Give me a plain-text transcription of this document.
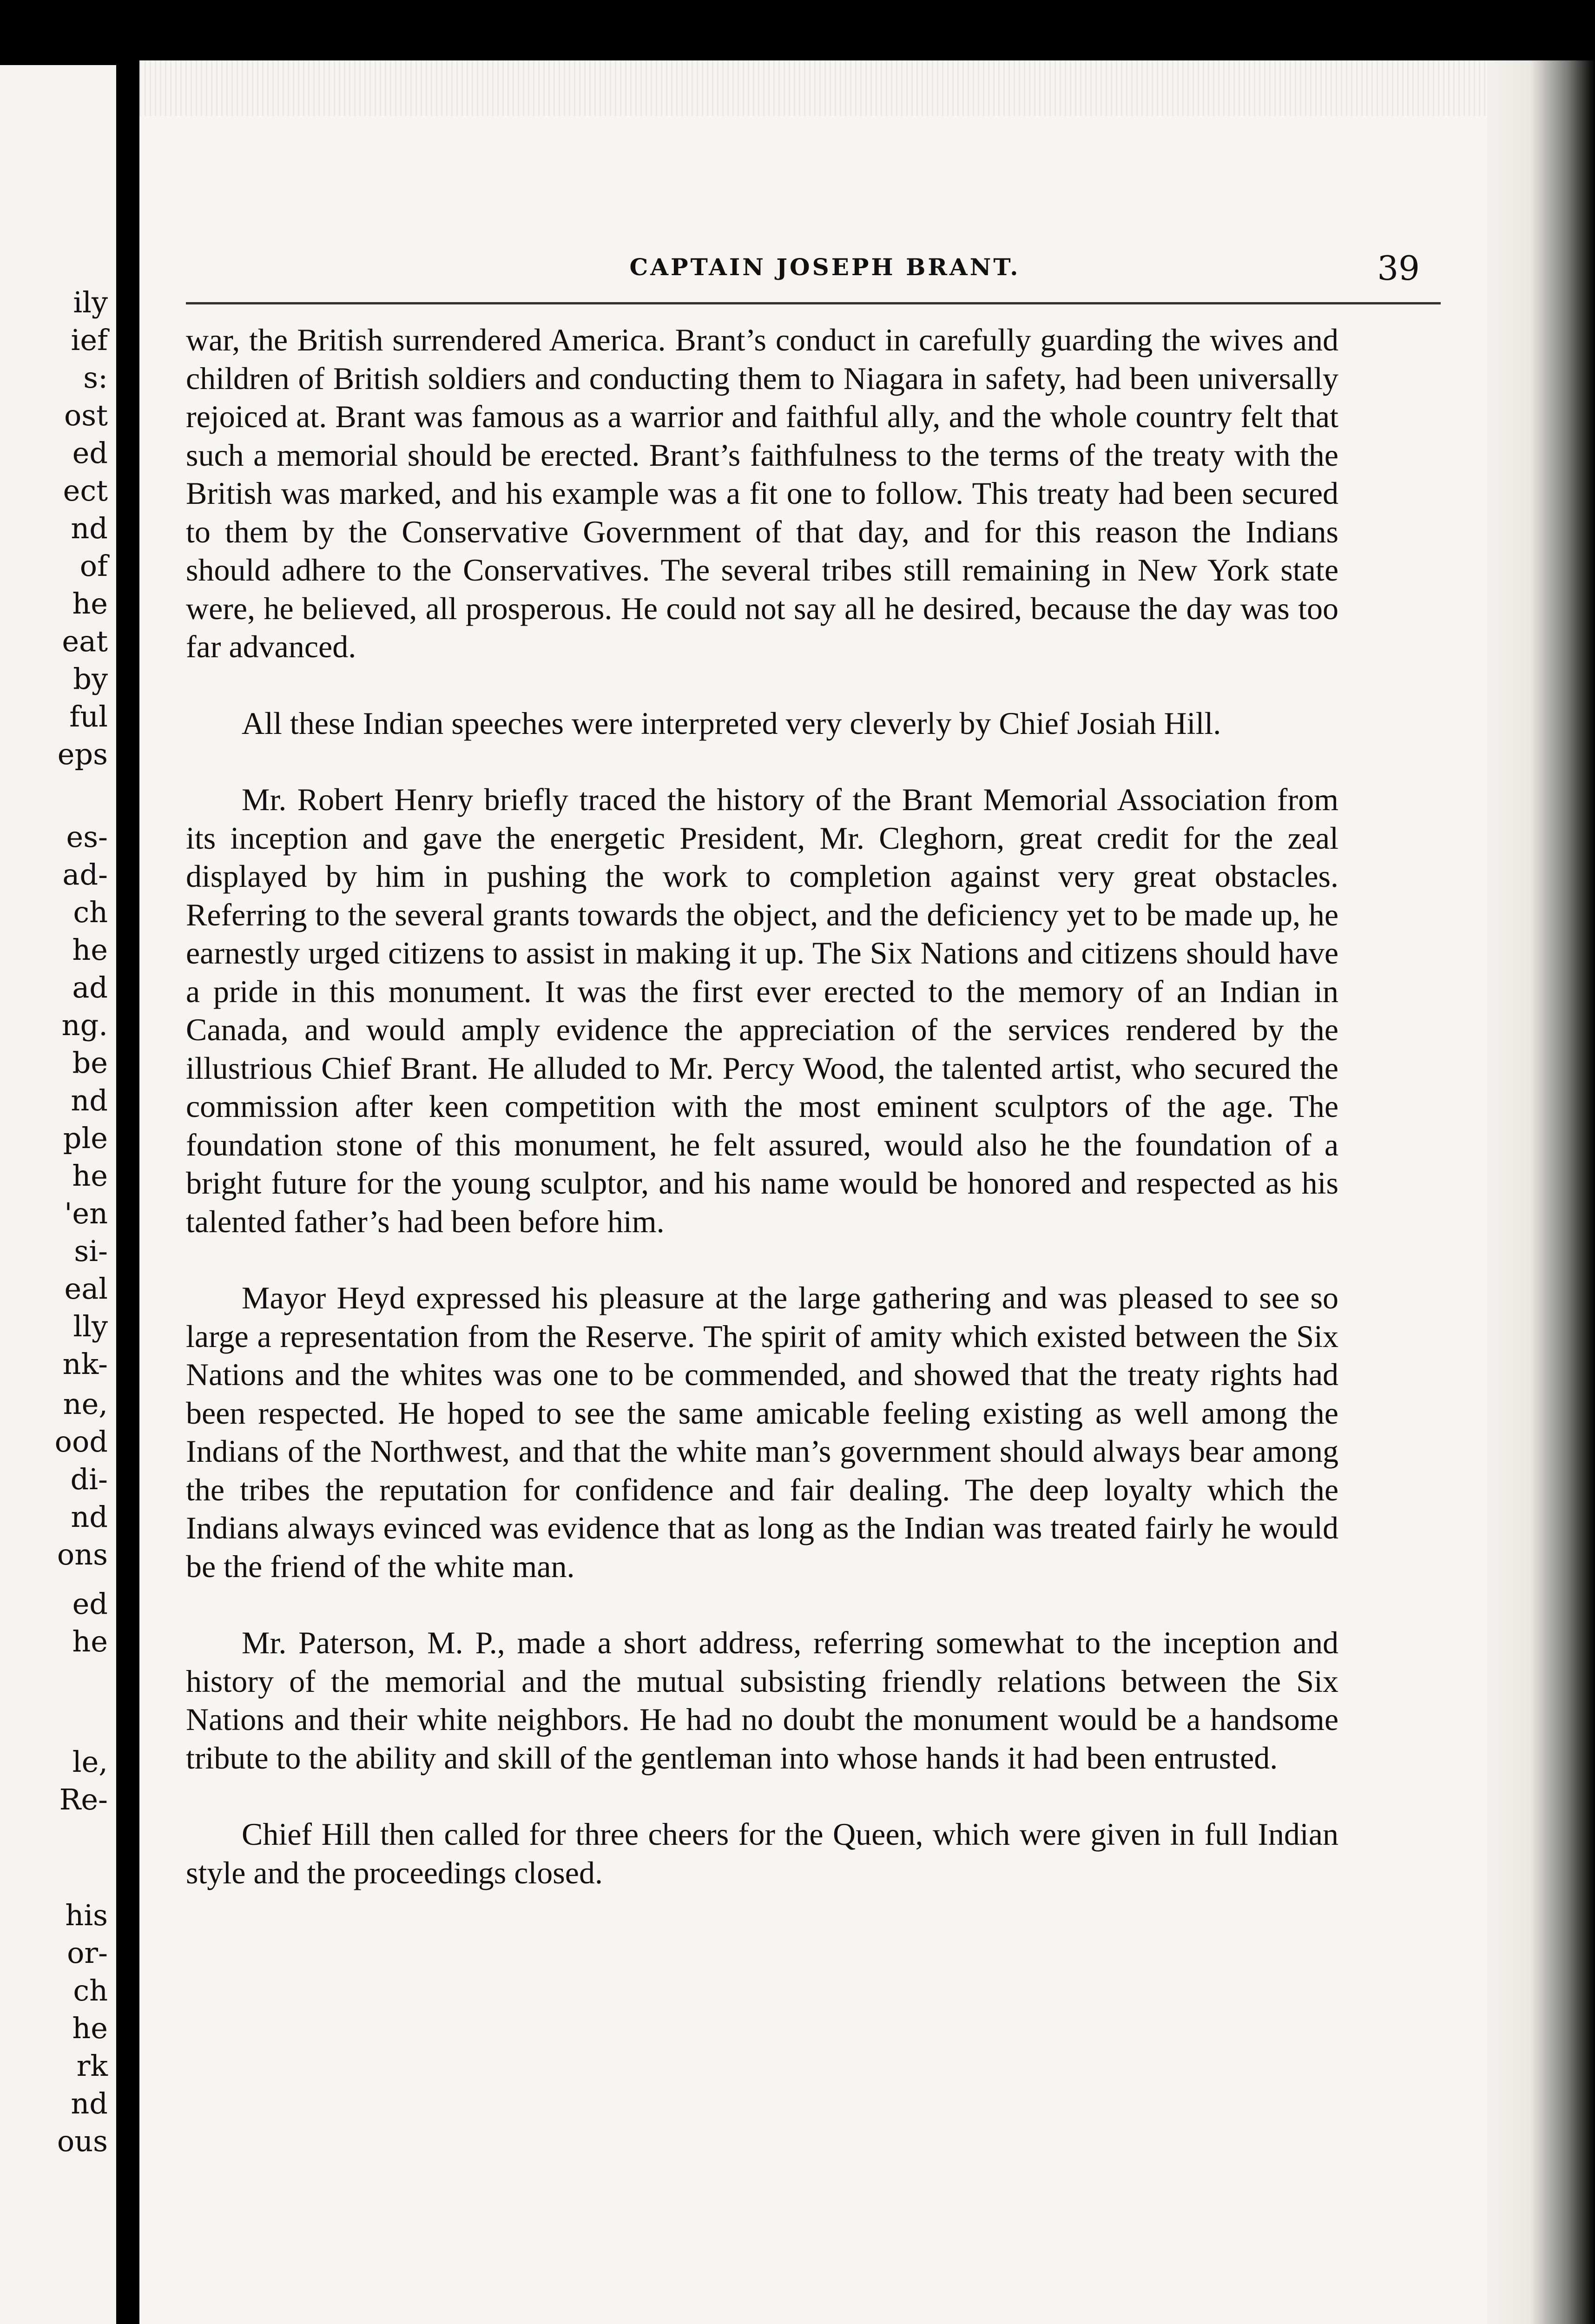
ily
ief
s:
ost
ed
ect
nd
of
he
eat
by
ful
eps
es-
ad-
ch
he
ad
ng.
be
nd
ple
he
'en
si-
eal
lly
nk-
ne,
ood
di-
nd
ons
ed
he
le,
Re-
his
or-
ch
he
rk
nd
ous
CAPTAIN JOSEPH BRANT.	39

war, the British surrendered America. Brant’s conduct in carefully guarding the wives and children of British soldiers and conducting them to Niagara in safety, had been universally rejoiced at. Brant was famous as a warrior and faithful ally, and the whole country felt that such a memorial should be erected. Brant’s faithfulness to the terms of the treaty with the British was marked, and his example was a fit one to follow. This treaty had been secured to them by the Conservative Government of that day, and for this reason the Indians should adhere to the Conservatives. The several tribes still remaining in New York state were, he believed, all prosperous. He could not say all he desired, because the day was too far advanced.

All these Indian speeches were interpreted very cleverly by Chief Josiah Hill.

Mr. Robert Henry briefly traced the history of the Brant Memorial Association from its inception and gave the energetic President, Mr. Cleghorn, great credit for the zeal displayed by him in pushing the work to completion against very great obstacles. Referring to the several grants towards the object, and the deficiency yet to be made up, he earnestly urged citizens to assist in making it up. The Six Nations and citizens should have a pride in this monument. It was the first ever erected to the memory of an Indian in Canada, and would amply evidence the appreciation of the services rendered by the illustrious Chief Brant. He alluded to Mr. Percy Wood, the talented artist, who secured the commission after keen competition with the most eminent sculptors of the age. The foundation stone of this monument, he felt assured, would also he the foundation of a bright future for the young sculptor, and his name would be honored and respected as his talented father’s had been before him.

Mayor Heyd expressed his pleasure at the large gathering and was pleased to see so large a representation from the Reserve. The spirit of amity which existed between the Six Nations and the whites was one to be commended, and showed that the treaty rights had been respected. He hoped to see the same amicable feeling existing as well among the Indians of the Northwest, and that the white man’s government should always bear among the tribes the reputation for confidence and fair dealing. The deep loyalty which the Indians always evinced was evidence that as long as the Indian was treated fairly he would be the friend of the white man.

Mr. Paterson, M. P., made a short address, referring somewhat to the inception and history of the memorial and the mutual subsisting friendly relations between the Six Nations and their white neighbors. He had no doubt the monument would be a handsome tribute to the ability and skill of the gentleman into whose hands it had been entrusted.

Chief Hill then called for three cheers for the Queen, which were given in full Indian style and the proceedings closed.
